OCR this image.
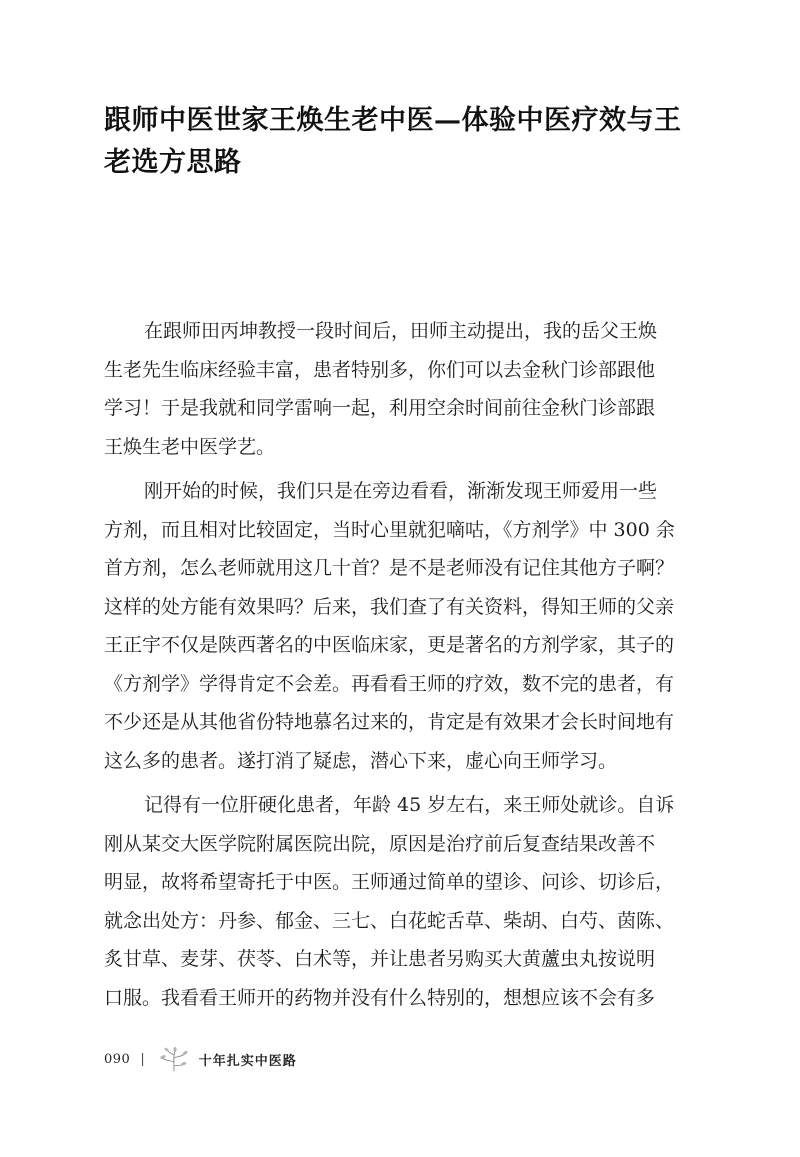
跟师中医世家王焕生老中医—体验中医疗效与王
老选方思路
在跟师田丙坤教授一段时间后，田师主动提出，我的岳父王焕
生老先生临床经验丰富，患者特别多，你们可以去金秋门诊部跟他
学习！于是我就和同学雷响一起，利用空余时间前往金秋门诊部跟
王焕生老中医学艺。
刚开始的时候，我们只是在旁边看看，渐渐发现王师爱用一些
方剂，而且相对比较固定，当时心里就犯嘀咕，《方剂学》中 300 余
首方剂，怎么老师就用这几十首？是不是老师没有记住其他方子啊？
这样的处方能有效果吗？后来，我们查了有关资料，得知王师的父亲
王正宇不仅是陕西著名的中医临床家，更是著名的方剂学家，其子的
《方剂学》学得肯定不会差。再看看王师的疗效，数不完的患者，有
不少还是从其他省份特地慕名过来的，肯定是有效果才会长时间地有
这么多的患者。遂打消了疑虑，潜心下来，虚心向王师学习。
记得有一位肝硬化患者，年龄 45 岁左右，来王师处就诊。自诉
刚从某交大医学院附属医院出院，原因是治疗前后复查结果改善不
明显，故将希望寄托于中医。王师通过简单的望诊、问诊、切诊后，
就念出处方：丹参、郁金、三七、白花蛇舌草、柴胡、白芍、茵陈、
炙甘草、麦芽、茯苓、白术等，并让患者另购买大黄蘆虫丸按说明
口服。我看看王师开的药物并没有什么特别的，想想应该不会有多
090 |	十年扎实中医路
